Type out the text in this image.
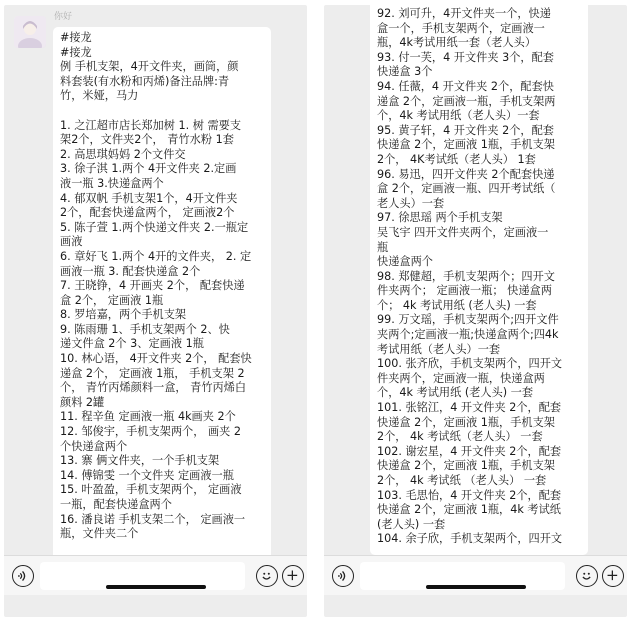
你好
#接龙
#接龙
例 手机支架，4开文件夹，画筒，颜
料套装(有水粉和丙烯)备注品牌:青
竹，米娅，马力
1. 之江超市店长郑加树 1. 树 需要支
架2个，文件夹2个， 青竹水粉 1套
2. 高思琪妈妈 2个文件交
3. 徐子淇 1.两个 4开文件夹 2.定画
液一瓶 3.快递盒两个
4. 郁双帆 手机支架1个，4开文件夹
2个，配套快递盒两个， 定画液2个
5. 陈子萱 1.两个快递文件夹 2.一瓶定
画液
6. 章好飞 1.两个 4开的文件夹， 2. 定
画液一瓶 3. 配套快递盒 2个
7. 王晓铮，4 开画夹 2个， 配套快递
盒 2个， 定画液 1瓶
8. 罗培嘉，两个手机支架
9. 陈雨珊 1、手机支架两个 2、快
递文件盒 2个 3、定画液 1瓶
10. 林心语， 4开文件夹 2个， 配套快
递盒 2个， 定画液 1瓶， 手机支架 2
个， 青竹丙烯颜料一盒， 青竹丙烯白
颜料 2罐
11. 程辛鱼 定画液一瓶 4k画夹 2个
12. 邹俊宇，手机支架两个， 画夹 2
个快递盒两个
13. 寨 俩文件夹，一个手机支架
14. 傅锦雯 一个文件夹 定画液一瓶
15. 叶盈盈，手机支架两个， 定画液
一瓶，配套快递盒两个
16. 潘良诺 手机支架二个， 定画液一
瓶，文件夹二个
92. 刘可升，4开文件夹一个，快递
盒一个，手机支架两个，定画液一
瓶，4k考试用纸一套（老人头）
93. 付一芙，4 开文件夹 3个，配套
快递盒 3个
94. 任薇，4 开文件夹 2个，配套快
递盒 2个，定画液一瓶，手机支架两
个，4k 考试用纸（老人头）一套
95. 黄子轩，4 开文件夹 2个，配套
快递盒 2个，定画液 1瓶，手机支架
2个， 4K考试纸（老人头） 1套
96. 易迅，四开文件夹 2个配套快递
盒 2个，定画液一瓶、四开考试纸（
老人头）一套
97. 徐思瑶 两个手机支架
吴飞宇 四开文件夹两个，定画液一
瓶
快递盒两个
98. 郑健超，手机支架两个；四开文
件夹两个； 定画液一瓶； 快递盒两
个； 4k 考试用纸 (老人头) 一套
99. 万文瑶，手机支架两个;四开文件
夹两个;定画液一瓶;快递盒两个;四4k
考试用纸（老人头）一套
100. 张齐欣，手机支架两个，四开文
件夹两个，定画液一瓶，快递盒两
个，4k 考试用纸 (老人头) 一套
101. 张铭江，4 开文件夹 2个，配套
快递盒 2个，定画液 1瓶，手机支架
2个， 4k 考试纸（老人头） 一套
102. 谢宏星，4 开文件夹 2个，配套
快递盒 2个，定画液 1瓶，手机支架
2个， 4k 考试纸 （老人头） 一套
103. 毛思怡，4 开文件夹 2个，配套
快递盒 2个，定画液 1瓶，4k 考试纸
(老人头) 一套
104. 余子欣，手机支架两个，四开文
